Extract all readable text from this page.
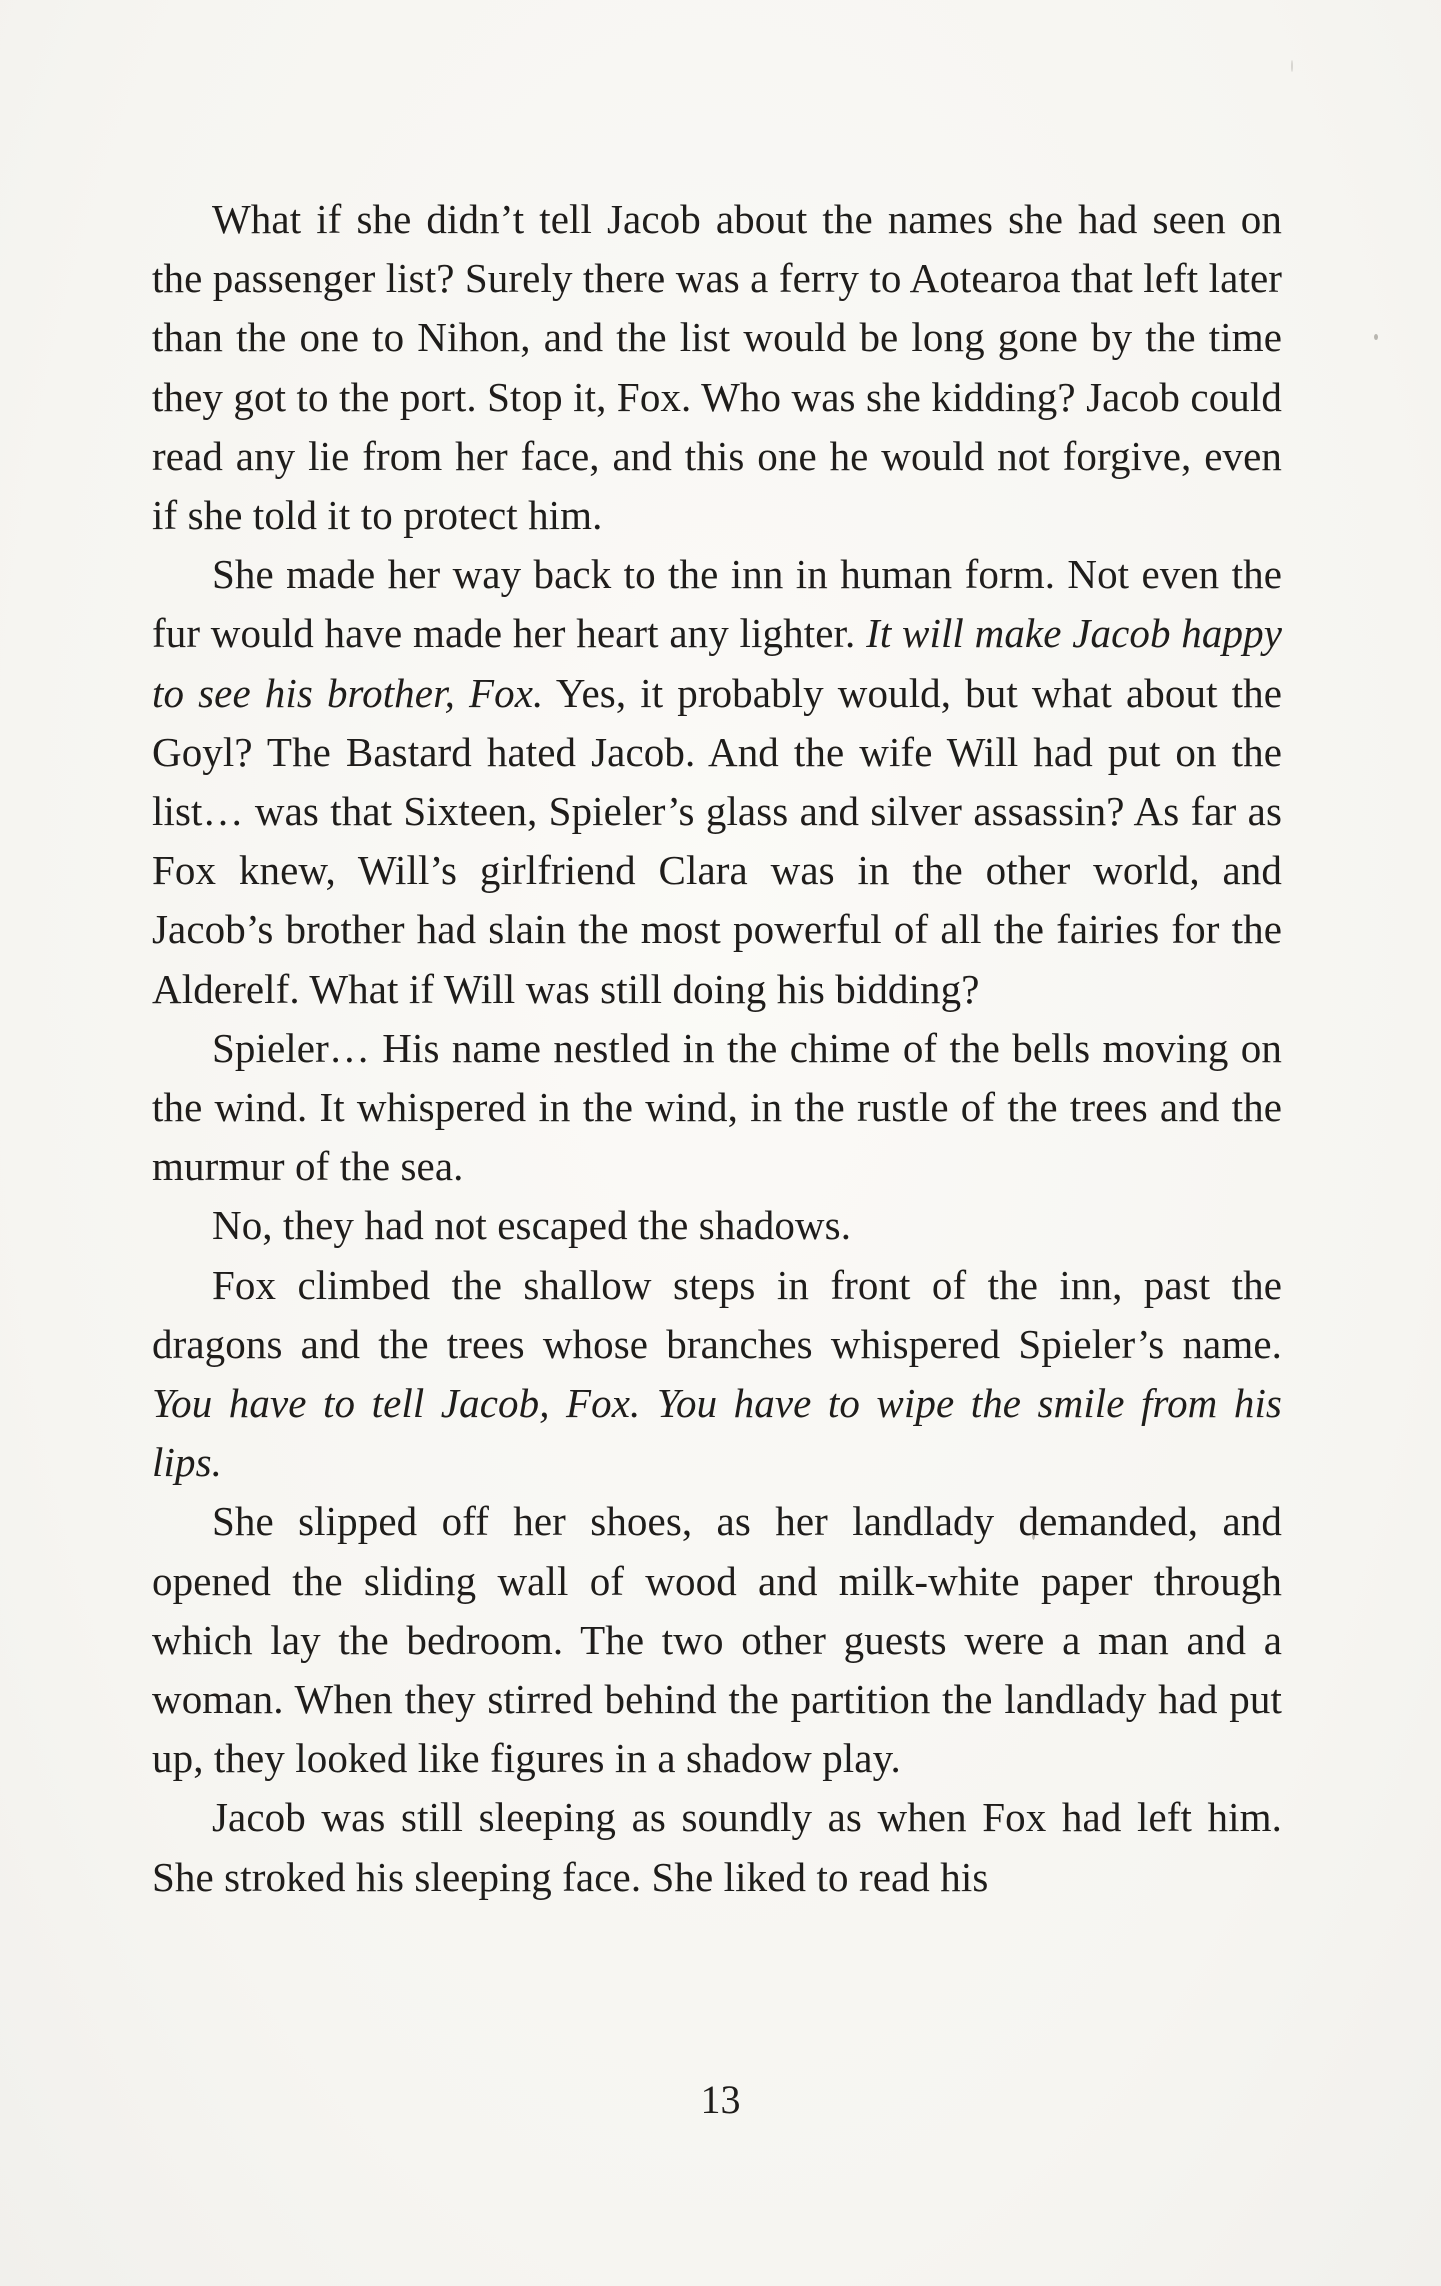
What if she didn’t tell Jacob about the names she had seen on the passenger list? Surely there was a ferry to Aotearoa that left later than the one to Nihon, and the list would be long gone by the time they got to the port. Stop it, Fox. Who was she kidding? Jacob could read any lie from her face, and this one he would not forgive, even if she told it to protect him.

She made her way back to the inn in human form. Not even the fur would have made her heart any lighter. It will make Jacob happy to see his brother, Fox. Yes, it probably would, but what about the Goyl? The Bastard hated Jacob. And the wife Will had put on the list… was that Sixteen, Spieler’s glass and silver assassin? As far as Fox knew, Will’s girlfriend Clara was in the other world, and Jacob’s brother had slain the most powerful of all the fairies for the Alderelf. What if Will was still doing his bidding?

Spieler… His name nestled in the chime of the bells moving on the wind. It whispered in the wind, in the rustle of the trees and the murmur of the sea.

No, they had not escaped the shadows.

Fox climbed the shallow steps in front of the inn, past the dragons and the trees whose branches whispered Spieler’s name. You have to tell Jacob, Fox. You have to wipe the smile from his lips.

She slipped off her shoes, as her landlady demanded, and opened the sliding wall of wood and milk-white paper through which lay the bedroom. The two other guests were a man and a woman. When they stirred behind the partition the landlady had put up, they looked like figures in a shadow play.

Jacob was still sleeping as soundly as when Fox had left him. She stroked his sleeping face. She liked to read his

13
